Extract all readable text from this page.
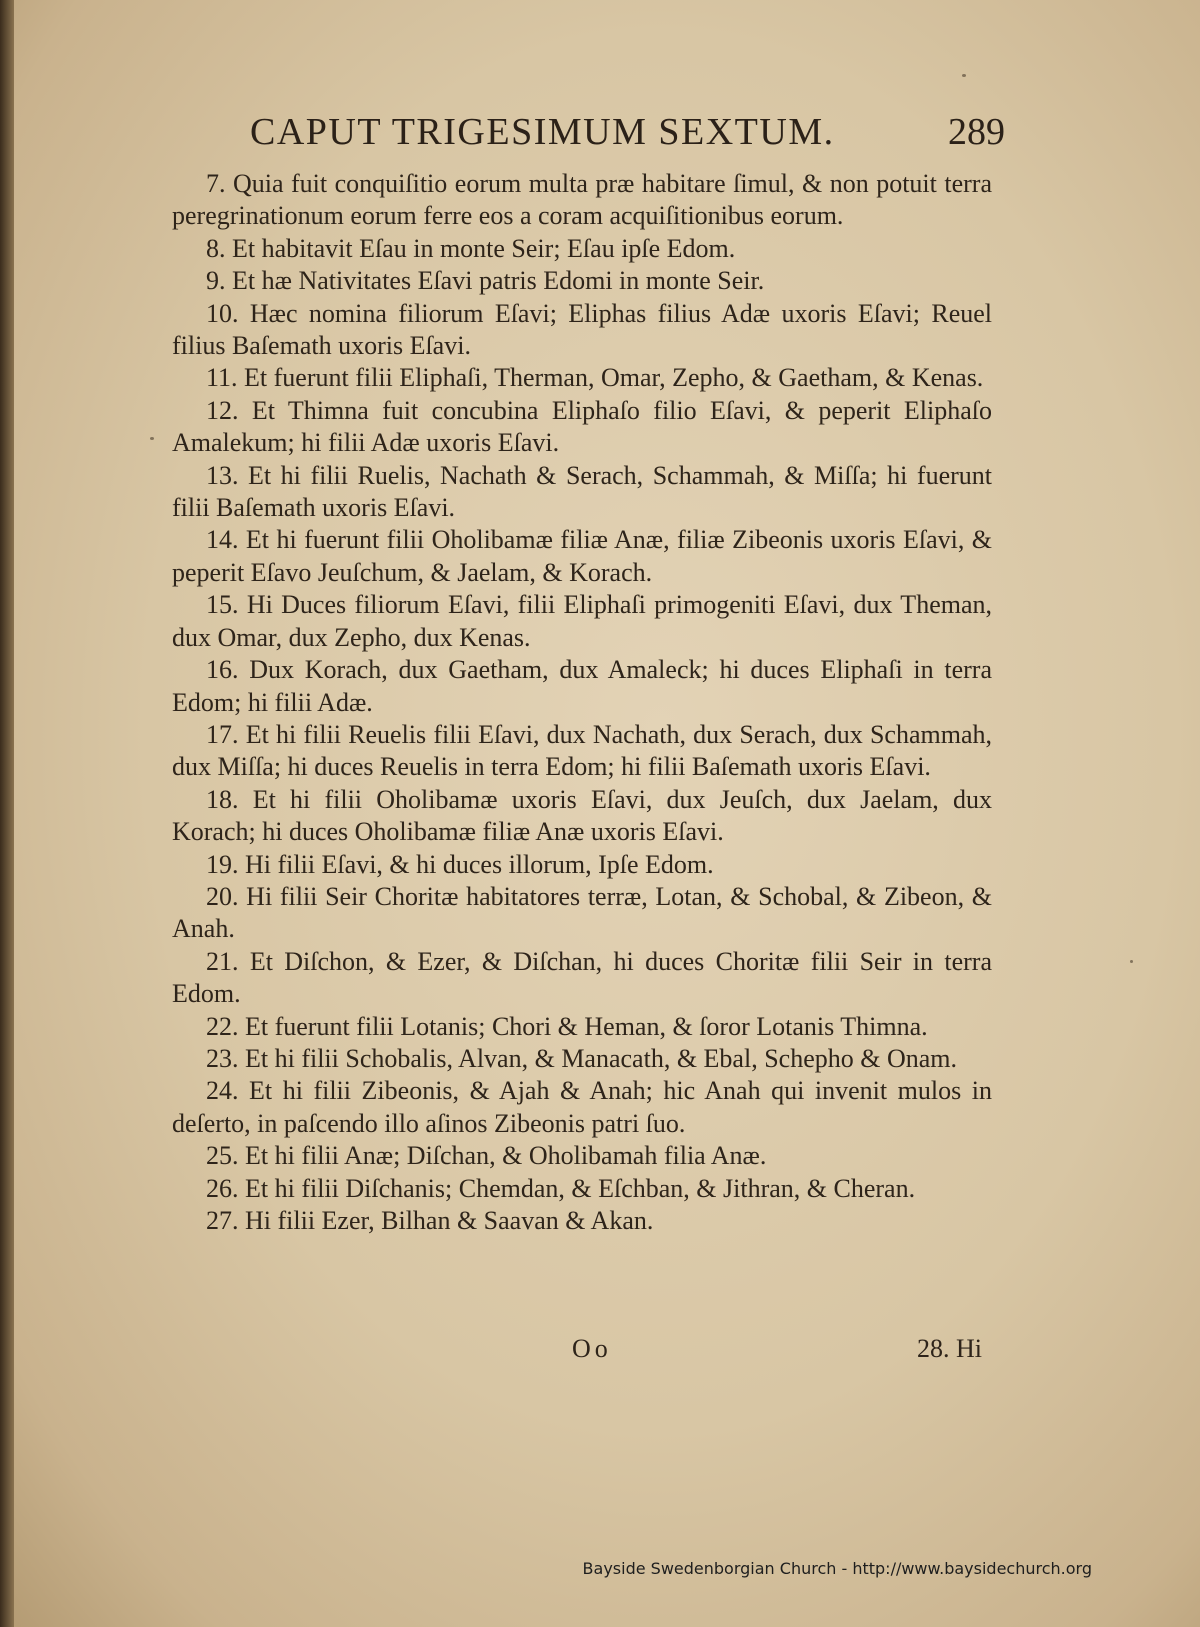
CAPUT TRIGESIMUM SEXTUM.	289

7. Quia fuit conquiſitio eorum multa præ habitare ſimul, & non potuit terra peregrinationum eorum ferre eos a coram acquiſitionibus eorum.

8. Et habitavit Eſau in monte Seir; Eſau ipſe Edom.

9. Et hæ Nativitates Eſavi patris Edomi in monte Seir.

10. Hæc nomina filiorum Eſavi; Eliphas filius Adæ uxoris Eſavi; Reuel filius Baſemath uxoris Eſavi.

11. Et fuerunt filii Eliphaſi, Therman, Omar, Zepho, & Gaetham, & Kenas.

12. Et Thimna fuit concubina Eliphaſo filio Eſavi, & peperit Eliphaſo Amalekum; hi filii Adæ uxoris Eſavi.

13. Et hi filii Ruelis, Nachath & Serach, Schammah, & Miſſa; hi fuerunt filii Baſemath uxoris Eſavi.

14. Et hi fuerunt filii Oholibamæ filiæ Anæ, filiæ Zibeonis uxoris Eſavi, & peperit Eſavo Jeuſchum, & Jaelam, & Korach.

15. Hi Duces filiorum Eſavi, filii Eliphaſi primogeniti Eſavi, dux Theman, dux Omar, dux Zepho, dux Kenas.

16. Dux Korach, dux Gaetham, dux Amaleck; hi duces Eliphaſi in terra Edom; hi filii Adæ.

17. Et hi filii Reuelis filii Eſavi, dux Nachath, dux Serach, dux Schammah, dux Miſſa; hi duces Reuelis in terra Edom; hi filii Baſemath uxoris Eſavi.

18. Et hi filii Oholibamæ uxoris Eſavi, dux Jeuſch, dux Jaelam, dux Korach; hi duces Oholibamæ filiæ Anæ uxoris Eſavi.

19. Hi filii Eſavi, & hi duces illorum, Ipſe Edom.

20. Hi filii Seir Choritæ habitatores terræ, Lotan, & Schobal, & Zibeon, & Anah.

21. Et Diſchon, & Ezer, & Diſchan, hi duces Choritæ filii Seir in terra Edom.

22. Et fuerunt filii Lotanis; Chori & Heman, & ſoror Lotanis Thimna.

23. Et hi filii Schobalis, Alvan, & Manacath, & Ebal, Schepho & Onam.

24. Et hi filii Zibeonis, & Ajah & Anah; hic Anah qui invenit mulos in deſerto, in paſcendo illo aſinos Zibeonis patri ſuo.

25. Et hi filii Anæ; Diſchan, & Oholibamah filia Anæ.

26. Et hi filii Diſchanis; Chemdan, & Eſchban, & Jithran, & Cheran.

27. Hi filii Ezer, Bilhan & Saavan & Akan.

Oo	28. Hi
Bayside Swedenborgian Church - http://www.baysidechurch.org
